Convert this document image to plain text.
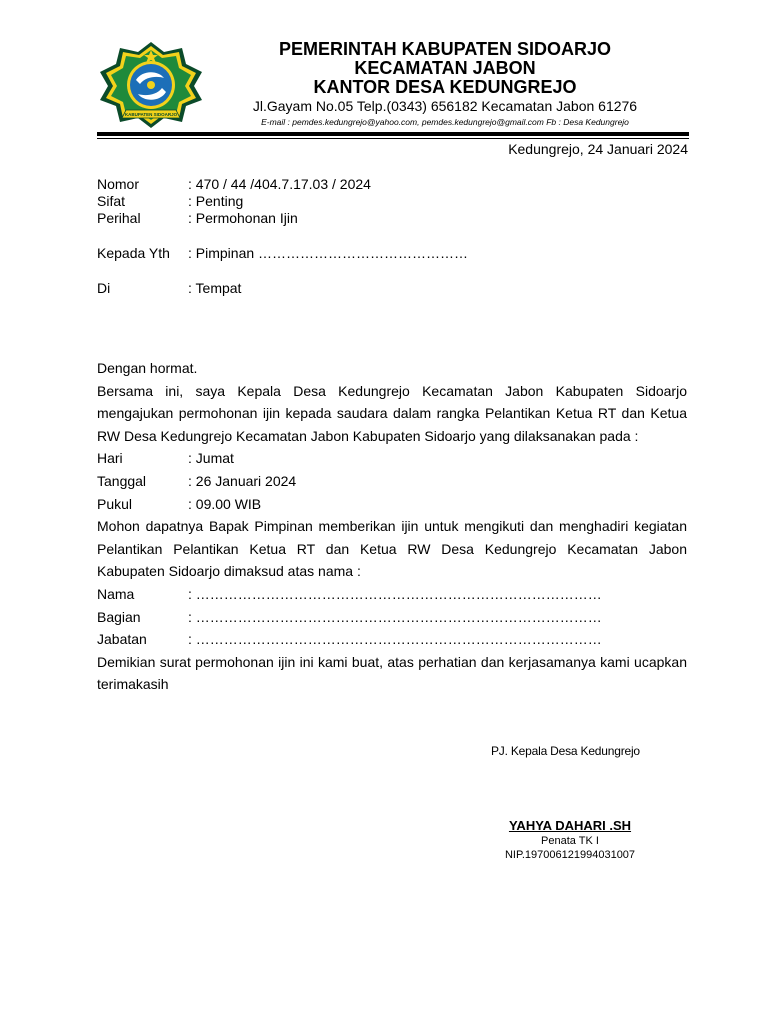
KABUPATEN SIDOARJO
PEMERINTAH KABUPATEN SIDOARJO
KECAMATAN JABON
KANTOR DESA KEDUNGREJO
Jl.Gayam No.05 Telp.(0343) 656182 Kecamatan Jabon 61276
E-mail : pemdes.kedungrejo@yahoo.com, pemdes.kedungrejo@gmail.com Fb : Desa Kedungrejo
Kedungrejo, 24 Januari 2024
Nomor	: 470 / 44 /404.7.17.03 / 2024
Sifat	: Penting
Perihal	: Permohonan Ijin
Kepada Yth : Pimpinan ………………………………………
Di	: Tempat
Dengan hormat.
Bersama ini, saya Kepala Desa Kedungrejo Kecamatan Jabon Kabupaten Sidoarjo mengajukan permohonan ijin kepada saudara dalam rangka Pelantikan Ketua RT dan Ketua RW Desa Kedungrejo Kecamatan Jabon Kabupaten Sidoarjo yang dilaksanakan pada :
Hari	: Jumat
Tanggal	: 26 Januari 2024
Pukul	: 09.00 WIB
Mohon dapatnya Bapak Pimpinan memberikan ijin untuk mengikuti dan menghadiri kegiatan Pelantikan Pelantikan Ketua RT dan Ketua RW Desa Kedungrejo Kecamatan Jabon Kabupaten Sidoarjo dimaksud atas nama :
Nama	: ……………………………………………………………………………
Bagian	: ……………………………………………………………………………
Jabatan	: ……………………………………………………………………………
Demikian surat permohonan ijin ini kami buat, atas perhatian dan kerjasamanya kami ucapkan terimakasih
PJ. Kepala Desa Kedungrejo
YAHYA DAHARI .SH
Penata TK I
NIP.197006121994031007
